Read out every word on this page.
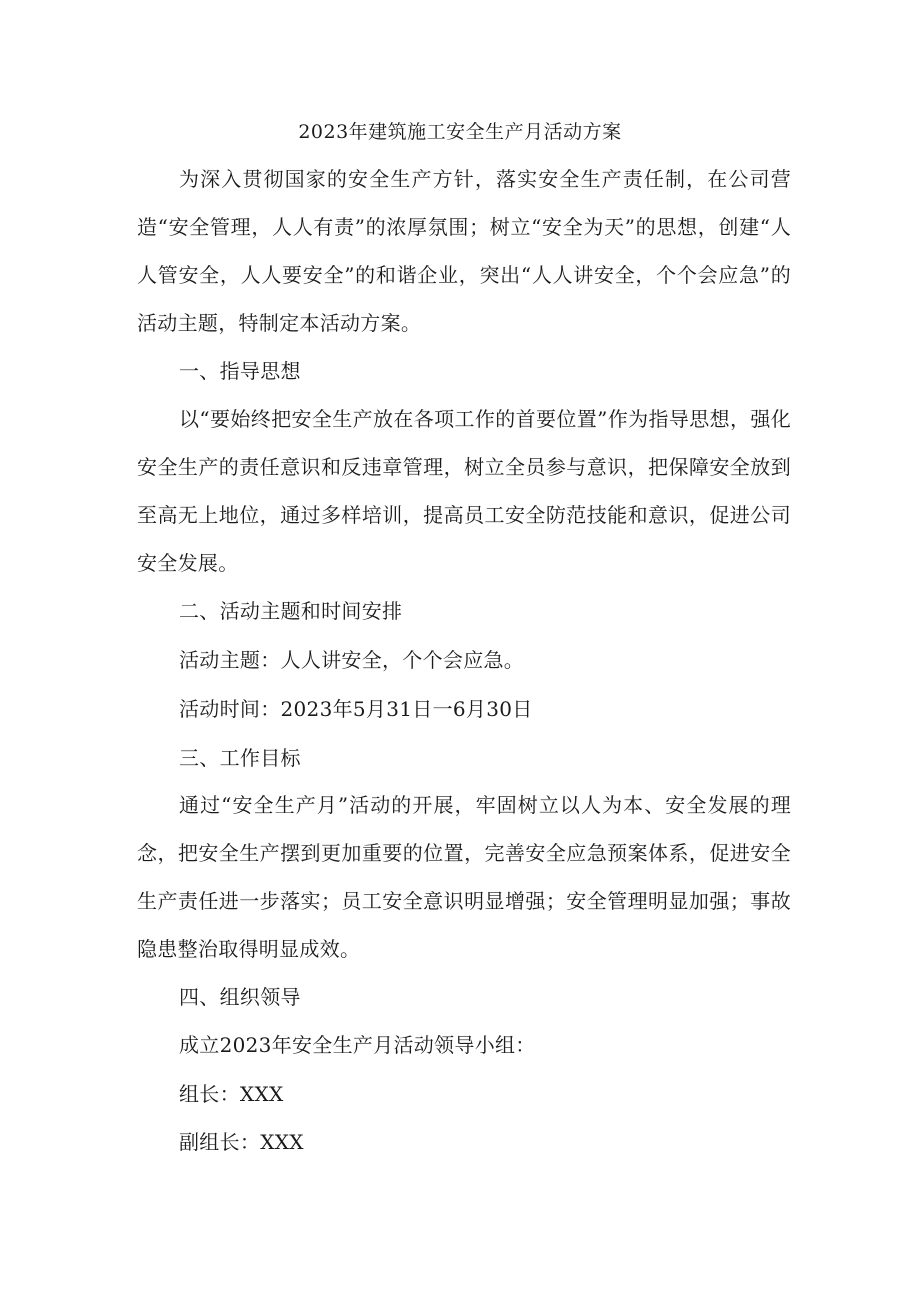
2023年建筑施工安全生产月活动方案

为深入贯彻国家的安全生产方针，落实安全生产责任制，在公司营造“安全管理，人人有责”的浓厚氛围；树立“安全为天”的思想，创建“人人管安全，人人要安全”的和谐企业，突出“人人讲安全，个个会应急”的活动主题，特制定本活动方案。

一、指导思想

以“要始终把安全生产放在各项工作的首要位置”作为指导思想，强化安全生产的责任意识和反违章管理，树立全员参与意识，把保障安全放到至高无上地位，通过多样培训，提高员工安全防范技能和意识，促进公司安全发展。

二、活动主题和时间安排
活动主题：人人讲安全，个个会应急。
活动时间：2023年5月31日一6月30日
三、工作目标

通过“安全生产月”活动的开展，牢固树立以人为本、安全发展的理念，把安全生产摆到更加重要的位置，完善安全应急预案体系，促进安全生产责任进一步落实；员工安全意识明显增强；安全管理明显加强；事故隐患整治取得明显成效。

四、组织领导
成立2023年安全生产月活动领导小组：
组长：XXX
副组长：XXX
